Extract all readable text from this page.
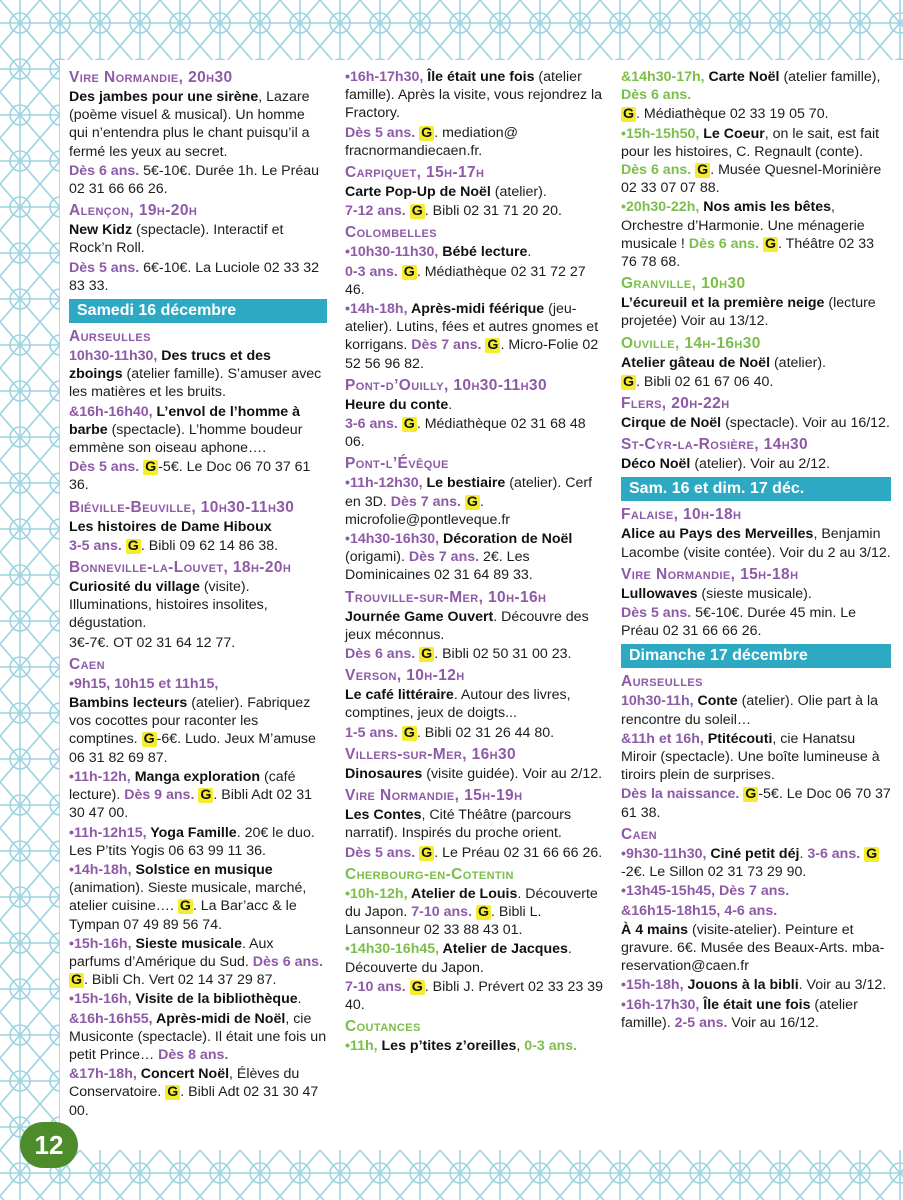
Vire Normandie, 20h30

Des jambes pour une sirène, Lazare (poème visuel & musical). Un homme qui n’entendra plus le chant puisqu’il a fermé les yeux au secret.

Dès 6 ans. 5€-10€. Durée 1h. Le Préau 02 31 66 66 26.

Alençon, 19h-20h

New Kidz (spectacle). Interactif et Rock’n Roll.

Dès 5 ans. 6€-10€. La Luciole 02 33 32 83 33.

Samedi 16 décembre

Aurseulles

10h30-11h30, Des trucs et des zboings (atelier famille). S’amuser avec les matières et les bruits.

&16h-16h40, L’envol de l’homme à barbe (spectacle). L’homme boudeur emmène son oiseau aphone….

Dès 5 ans. G -5€. Le Doc 06 70 37 61 36.

Biéville-Beuville, 10h30-11h30

Les histoires de Dame Hiboux

3-5 ans. G . Bibli 09 62 14 86 38.

Bonneville-la-Louvet, 18h-20h

Curiosité du village (visite). Illuminations, histoires insolites, dégustation.

3€-7€. OT 02 31 64 12 77.

Caen

•9h15, 10h15 et 11h15,

Bambins lecteurs (atelier). Fabriquez vos cocottes pour raconter les comptines. G -6€. Ludo. Jeux M’amuse 06 31 82 69 87.

•11h-12h, Manga exploration (café lecture). Dès 9 ans. G . Bibli Adt 02 31 30 47 00.

•11h-12h15, Yoga Famille. 20€ le duo. Les P’tits Yogis 06 63 99 11 36.

•14h-18h, Solstice en musique (animation). Sieste musicale, marché, atelier cuisine…. G . La Bar’acc & le Tympan 07 49 89 56 74.

•15h-16h, Sieste musicale. Aux parfums d’Amérique du Sud. Dès 6 ans. G . Bibli Ch. Vert 02 14 37 29 87.

•15h-16h, Visite de la bibliothèque.

&16h-16h55, Après-midi de Noël, cie Musiconte (spectacle). Il était une fois un petit Prince… Dès 8 ans.

&17h-18h, Concert Noël, Élèves du Conservatoire. G . Bibli Adt 02 31 30 47 00.

•16h-17h30, Île était une fois (atelier famille). Après la visite, vous rejondrez la Fractory.

Dès 5 ans. G . mediation@ fracnormandiecaen.fr.

Carpiquet, 15h-17h

Carte Pop-Up de Noël (atelier).

7-12 ans. G . Bibli 02 31 71 20 20.

Colombelles

•10h30-11h30, Bébé lecture.

0-3 ans. G . Médiathèque 02 31 72 27 46.

•14h-18h, Après-midi féérique (jeu-atelier). Lutins, fées et autres gnomes et korrigans. Dès 7 ans. G . Micro-Folie 02 52 56 96 82.

Pont-d’Ouilly, 10h30-11h30

Heure du conte.

3-6 ans. G . Médiathèque 02 31 68 48 06.

Pont-l’Évêque

•11h-12h30, Le bestiaire (atelier). Cerf en 3D. Dès 7 ans. G . microfolie@pontleveque.fr

•14h30-16h30, Décoration de Noël (origami). Dès 7 ans. 2€. Les Dominicaines 02 31 64 89 33.

Trouville-sur-Mer, 10h-16h

Journée Game Ouvert. Découvre des jeux méconnus.

Dès 6 ans. G . Bibli 02 50 31 00 23.

Verson, 10h-12h

Le café littéraire. Autour des livres, comptines, jeux de doigts...

1-5 ans. G . Bibli 02 31 26 44 80.

Villers-sur-Mer, 16h30

Dinosaures (visite guidée). Voir au 2/12.

Vire Normandie, 15h-19h

Les Contes, Cité Théâtre (parcours narratif). Inspirés du proche orient.

Dès 5 ans. G . Le Préau 02 31 66 66 26.

Cherbourg-en-Cotentin

•10h-12h, Atelier de Louis. Découverte du Japon. 7-10 ans. G . Bibli L. Lansonneur 02 33 88 43 01.

•14h30-16h45, Atelier de Jacques. Découverte du Japon.

7-10 ans. G . Bibli J. Prévert 02 33 23 39 40.

Coutances

•11h, Les p’tites z’oreilles, 0-3 ans.

&14h30-17h, Carte Noël (atelier famille), Dès 6 ans.

G . Médiathèque 02 33 19 05 70.

•15h-15h50, Le Coeur, on le sait, est fait pour les histoires, C. Regnault (conte). Dès 6 ans. G . Musée Quesnel-Morinière 02 33 07 07 88.

•20h30-22h, Nos amis les bêtes, Orchestre d’Harmonie. Une ménagerie musicale ! Dès 6 ans. G . Théâtre 02 33 76 78 68.

Granville, 10h30

L’écureuil et la première neige (lecture projetée) Voir au 13/12.

Ouville, 14h-16h30

Atelier gâteau de Noël (atelier).

G . Bibli 02 61 67 06 40.

Flers, 20h-22h

Cirque de Noël (spectacle). Voir au 16/12.

St-Cyr-la-Rosière, 14h30

Déco Noël (atelier). Voir au 2/12.

Sam. 16 et dim. 17 déc.

Falaise, 10h-18h

Alice au Pays des Merveilles, Benjamin Lacombe (visite contée). Voir du 2 au 3/12.

Vire Normandie, 15h-18h

Lullowaves (sieste musicale).

Dès 5 ans. 5€-10€. Durée 45 min. Le Préau 02 31 66 66 26.

Dimanche 17 décembre

Aurseulles

10h30-11h, Conte (atelier). Olie part à la rencontre du soleil…

&11h et 16h, Ptitécouti, cie Hanatsu Miroir (spectacle). Une boîte lumineuse à tiroirs plein de surprises.

Dès la naissance. G -5€. Le Doc 06 70 37 61 38.

Caen

•9h30-11h30, Ciné petit déj. 3-6 ans. G-2€. Le Sillon 02 31 73 29 90.

•13h45-15h45, Dès 7 ans.

&16h15-18h15, 4-6 ans.

À 4 mains (visite-atelier). Peinture et gravure. 6€. Musée des Beaux-Arts. mba-reservation@caen.fr

•15h-18h, Jouons à la bibli. Voir au 3/12.

•16h-17h30, Île était une fois (atelier famille). 2-5 ans. Voir au 16/12.

12
